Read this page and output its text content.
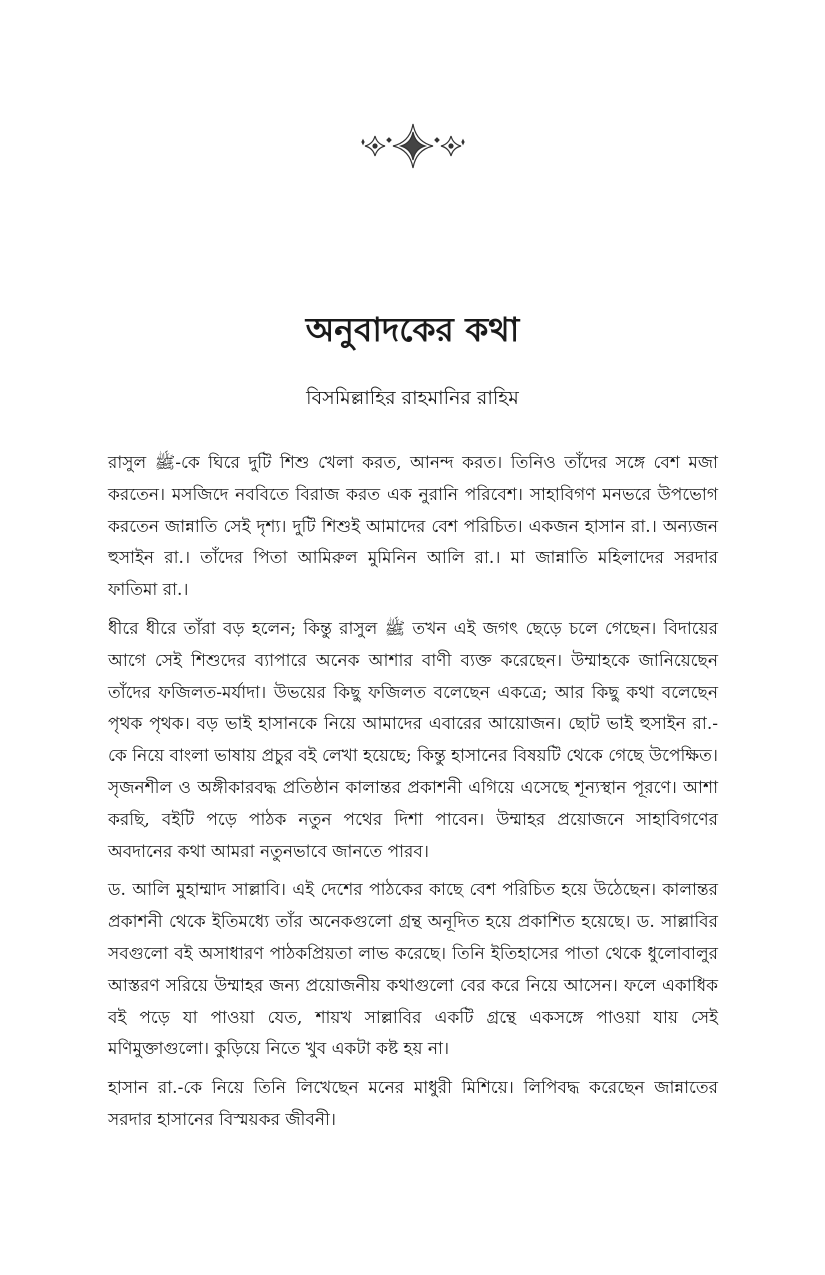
অনুবাদকের কথা

বিসমিল্লাহির রাহমানির রাহিম

রাসুল ﷺ-কে ঘিরে দুটি শিশু খেলা করত, আনন্দ করত। তিনিও তাঁদের সঙ্গে বেশ মজা করতেন। মসজিদে নববিতে বিরাজ করত এক নুরানি পরিবেশ। সাহাবিগণ মনভরে উপভোগ করতেন জান্নাতি সেই দৃশ্য। দুটি শিশুই আমাদের বেশ পরিচিত। একজন হাসান রা.। অন্যজন হুসাইন রা.। তাঁদের পিতা আমিরুল মুমিনিন আলি রা.। মা জান্নাতি মহিলাদের সরদার ফাতিমা রা.।

ধীরে ধীরে তাঁরা বড় হলেন; কিন্তু রাসুল ﷺ তখন এই জগৎ ছেড়ে চলে গেছেন। বিদায়ের আগে সেই শিশুদের ব্যাপারে অনেক আশার বাণী ব্যক্ত করেছেন। উম্মাহকে জানিয়েছেন তাঁদের ফজিলত-মর্যাদা। উভয়ের কিছু ফজিলত বলেছেন একত্রে; আর কিছু কথা বলেছেন পৃথক পৃথক। বড় ভাই হাসানকে নিয়ে আমাদের এবারের আয়োজন। ছোট ভাই হুসাইন রা.-কে নিয়ে বাংলা ভাষায় প্রচুর বই লেখা হয়েছে; কিন্তু হাসানের বিষয়টি থেকে গেছে উপেক্ষিত। সৃজনশীল ও অঙ্গীকারবদ্ধ প্রতিষ্ঠান কালান্তর প্রকাশনী এগিয়ে এসেছে শূন্যস্থান পূরণে। আশা করছি, বইটি পড়ে পাঠক নতুন পথের দিশা পাবেন। উম্মাহর প্রয়োজনে সাহাবিগণের অবদানের কথা আমরা নতুনভাবে জানতে পারব।

ড. আলি মুহাম্মাদ সাল্লাবি। এই দেশের পাঠকের কাছে বেশ পরিচিত হয়ে উঠেছেন। কালান্তর প্রকাশনী থেকে ইতিমধ্যে তাঁর অনেকগুলো গ্রন্থ অনূদিত হয়ে প্রকাশিত হয়েছে। ড. সাল্লাবির সবগুলো বই অসাধারণ পাঠকপ্রিয়তা লাভ করেছে। তিনি ইতিহাসের পাতা থেকে ধুলোবালুর আস্তরণ সরিয়ে উম্মাহর জন্য প্রয়োজনীয় কথাগুলো বের করে নিয়ে আসেন। ফলে একাধিক বই পড়ে যা পাওয়া যেত, শায়খ সাল্লাবির একটি গ্রন্থে একসঙ্গে পাওয়া যায় সেই মণিমুক্তাগুলো। কুড়িয়ে নিতে খুব একটা কষ্ট হয় না।

হাসান রা.-কে নিয়ে তিনি লিখেছেন মনের মাধুরী মিশিয়ে। লিপিবদ্ধ করেছেন জান্নাতের সরদার হাসানের বিস্ময়কর জীবনী।
